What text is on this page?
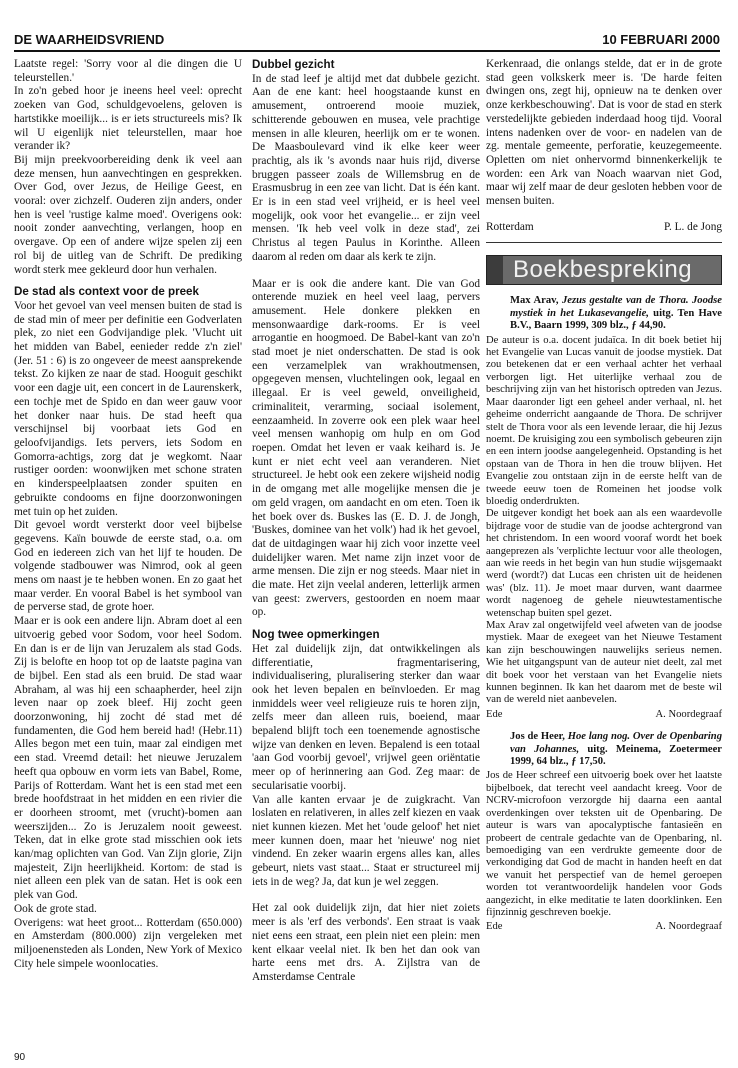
DE WAARHEIDSVRIEND	10 FEBRUARI 2000

Laatste regel: 'Sorry voor al die dingen die U teleurstellen.'

In zo'n gebed hoor je ineens heel veel: oprecht zoeken van God, schuldgevoelens, geloven is hartstikke moeilijk... is er iets structureels mis? Ik wil U eigenlijk niet teleurstellen, maar hoe verander ik?

Bij mijn preekvoorbereiding denk ik veel aan deze mensen, hun aanvechtingen en gesprekken. Over God, over Jezus, de Heilige Geest, en vooral: over zichzelf. Ouderen zijn anders, onder hen is veel 'rustige kalme moed'. Overigens ook: nooit zonder aanvechting, verlangen, hoop en overgave. Op een of andere wijze spelen zij een rol bij de uitleg van de Schrift. De prediking wordt sterk mee gekleurd door hun verhalen.

De stad als context voor de preek

Voor het gevoel van veel mensen buiten de stad is de stad min of meer per definitie een Godverlaten plek, zo niet een Godvijandige plek. 'Vlucht uit het midden van Babel, eenieder redde z'n ziel' (Jer. 51 : 6) is zo ongeveer de meest aansprekende tekst. Zo kijken ze naar de stad. Hooguit geschikt voor een dagje uit, een concert in de Laurenskerk, een tochje met de Spido en dan weer gauw voor het donker naar huis. De stad heeft qua verschijnsel bij voorbaat iets God en geloofvijandigs. Iets pervers, iets Sodom en Gomorra-achtigs, zorg dat je wegkomt. Naar rustiger oorden: woonwijken met schone straten en kinderspeelplaatsen zonder spuiten en gebruikte condooms en fijne doorzonwoningen met tuin op het zuiden.

Dit gevoel wordt versterkt door veel bijbelse gegevens. Kaïn bouwde de eerste stad, o.a. om God en iedereen zich van het lijf te houden. De volgende stadbouwer was Nimrod, ook al geen mens om naast je te hebben wonen. En zo gaat het maar verder. En vooral Babel is het symbool van de perverse stad, de grote hoer.

Maar er is ook een andere lijn. Abram doet al een uitvoerig gebed voor Sodom, voor heel Sodom. En dan is er de lijn van Jeruzalem als stad Gods. Zij is belofte en hoop tot op de laatste pagina van de bijbel. Een stad als een bruid. De stad waar Abraham, al was hij een schaapherder, heel zijn leven naar op zoek bleef. Hij zocht geen doorzonwoning, hij zocht dé stad met dé fundamenten, die God hem bereid had! (Hebr.11) Alles begon met een tuin, maar zal eindigen met een stad. Vreemd detail: het nieuwe Jeruzalem heeft qua opbouw en vorm iets van Babel, Rome, Parijs of Rotterdam. Want het is een stad met een brede hoofdstraat in het midden en een rivier die er doorheen stroomt, met (vrucht)-bomen aan weerszijden... Zo is Jeruzalem nooit geweest. Teken, dat in elke grote stad misschien ook iets kan/mag oplichten van God. Van Zijn glorie, Zijn majesteit, Zijn heerlijkheid. Kortom: de stad is niet alleen een plek van de satan. Het is ook een plek van God.

Ook de grote stad.

Overigens: wat heet groot... Rotterdam (650.000) en Amsterdam (800.000) zijn vergeleken met miljoenensteden als Londen, New York of Mexico City hele simpele woonlocaties.

Dubbel gezicht

In de stad leef je altijd met dat dubbele gezicht. Aan de ene kant: heel hoogstaande kunst en amusement, ontroerend mooie muziek, schitterende gebouwen en musea, vele prachtige mensen in alle kleuren, heerlijk om er te wonen. De Maasboulevard vind ik elke keer weer prachtig, als ik 's avonds naar huis rijd, diverse bruggen passeer zoals de Willemsbrug en de Erasmusbrug in een zee van licht. Dat is één kant. Er is in een stad veel vrijheid, er is heel veel mogelijk, ook voor het evangelie... er zijn veel mensen. 'Ik heb veel volk in deze stad', zei Christus al tegen Paulus in Korinthe. Alleen daarom al reden om daar als kerk te zijn.

Maar er is ook die andere kant. Die van God onterende muziek en heel veel laag, pervers amusement. Hele donkere plekken en mensonwaardige dark-rooms. Er is veel arrogantie en hoogmoed. De Babel-kant van zo'n stad moet je niet onderschatten. De stad is ook een verzamelplek van wrakhoutmensen, opgegeven mensen, vluchtelingen ook, legaal en illegaal. Er is veel geweld, onveiligheid, criminaliteit, verarming, sociaal isolement, eenzaamheid. In zoverre ook een plek waar heel veel mensen wanhopig om hulp en om God roepen. Omdat het leven er vaak keihard is. Je kunt er niet echt veel aan veranderen. Niet structureel. Je hebt ook een zekere wijsheid nodig in de omgang met alle mogelijke mensen die je om geld vragen, om aandacht en om eten. Toen ik het boek over ds. Buskes las (E. D. J. de Jongh, 'Buskes, dominee van het volk') had ik het gevoel, dat de uitdagingen waar hij zich voor inzette veel duidelijker waren. Met name zijn inzet voor de arme mensen. Die zijn er nog steeds. Maar niet in die mate. Het zijn veelal anderen, letterlijk armen van geest: zwervers, gestoorden en noem maar op.

Nog twee opmerkingen

Het zal duidelijk zijn, dat ontwikkelingen als differentiatie, fragmentarisering, individualisering, pluralisering sterker dan waar ook het leven bepalen en beïnvloeden. Er mag inmiddels weer veel religieuze ruis te horen zijn, zelfs meer dan alleen ruis, boeiend, maar bepalend blijft toch een toenemende agnostische wijze van denken en leven. Bepalend is een totaal 'aan God voorbij gevoel', vrijwel geen oriëntatie meer op of herinnering aan God. Zeg maar: de secularisatie voorbij.

Van alle kanten ervaar je de zuigkracht. Van loslaten en relativeren, in alles zelf kiezen en vaak niet kunnen kiezen. Met het 'oude geloof' het niet meer kunnen doen, maar het 'nieuwe' nog niet vindend. En zeker waarin ergens alles kan, alles gebeurt, niets vast staat... Staat er structureel mij iets in de weg? Ja, dat kun je wel zeggen.

Het zal ook duidelijk zijn, dat hier niet zoiets meer is als 'erf des verbonds'. Een straat is vaak niet eens een straat, een plein niet een plein: men kent elkaar veelal niet. Ik ben het dan ook van harte eens met drs. A. Zijlstra van de Amsterdamse Centrale

Kerkenraad, die onlangs stelde, dat er in de grote stad geen volkskerk meer is. 'De harde feiten dwingen ons, zegt hij, opnieuw na te denken over onze kerkbeschouwing'. Dat is voor de stad en sterk verstedelijkte gebieden inderdaad hoog tijd. Vooral intens nadenken over de voor- en nadelen van de zg. mentale gemeente, perforatie, keuzegemeente. Opletten om niet onhervormd binnenkerkelijk te worden: een Ark van Noach waarvan niet God, maar wij zelf maar de deur gesloten hebben voor de mensen buiten.

Rotterdam	P. L. de Jong
Boekbespreking

Max Arav, Jezus gestalte van de Thora. Joodse mystiek in het Lukasevangelie, uitg. Ten Have B.V., Baarn 1999, 309 blz., ƒ 44,90.

De auteur is o.a. docent judaïca. In dit boek betiet hij het Evangelie van Lucas vanuit de joodse mystiek. Dat zou betekenen dat er een verhaal achter het verhaal verborgen ligt. Het uiterlijke verhaal zou de beschrijving zijn van het historisch optreden van Jezus. Maar daaronder ligt een geheel ander verhaal, nl. het geheime onderricht aangaande de Thora. De schrijver stelt de Thora voor als een levende leraar, die hij Jezus noemt. De kruisiging zou een symbolisch gebeuren zijn en een intern joodse aangelegenheid. Opstanding is het opstaan van de Thora in hen die trouw blijven. Het Evangelie zou ontstaan zijn in de eerste helft van de tweede eeuw toen de Romeinen het joodse volk bloedig onderdrukten.

De uitgever kondigt het boek aan als een waardevolle bijdrage voor de studie van de joodse achtergrond van het christendom. In een woord vooraf wordt het boek aangeprezen als 'verplichte lectuur voor alle theologen, aan wie reeds in het begin van hun studie wijsgemaakt werd (wordt?) dat Lucas een christen uit de heidenen was' (blz. 11). Je moet maar durven, want daarmee wordt nagenoeg de gehele nieuwtestamentische wetenschap buiten spel gezet.

Max Arav zal ongetwijfeld veel afweten van de joodse mystiek. Maar de exegeet van het Nieuwe Testament kan zijn beschouwingen nauwelijks serieus nemen. Wie het uitgangspunt van de auteur niet deelt, zal met dit boek voor het verstaan van het Evangelie niets kunnen beginnen. Ik kan het daarom met de beste wil van de wereld niet aanbevelen.

Ede	A. Noordegraaf

Jos de Heer, Hoe lang nog. Over de Openbaring van Johannes, uitg. Meinema, Zoetermeer 1999, 64 blz., ƒ 17,50.

Jos de Heer schreef een uitvoerig boek over het laatste bijbelboek, dat terecht veel aandacht kreeg. Voor de NCRV-microfoon verzorgde hij daarna een aantal overdenkingen over teksten uit de Openbaring. De auteur is wars van apocalyptische fantasieën en probeert de centrale gedachte van de Openbaring, nl. bemoediging van een verdrukte gemeente door de verkondiging dat God de macht in handen heeft en dat we vanuit het perspectief van de hemel geroepen worden tot verantwoordelijk handelen voor Gods aangezicht, in elke meditatie te laten doorklinken. Een fijnzinnig geschreven boekje.

Ede	A. Noordegraaf
90
